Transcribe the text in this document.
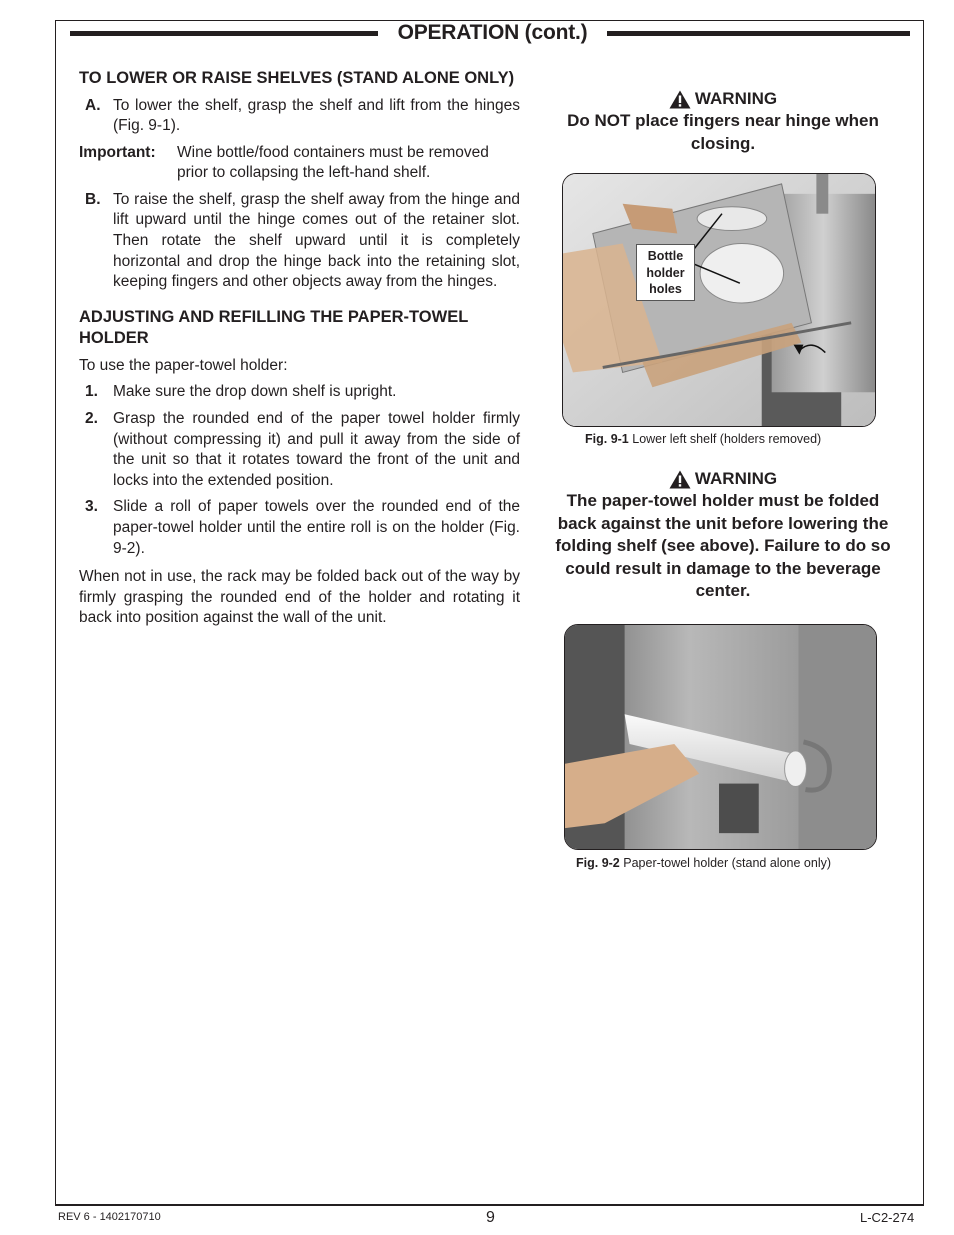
OPERATION (cont.)

TO LOWER OR RAISE SHELVES (STAND ALONE ONLY)

A. To lower the shelf, grasp the shelf and lift from the hinges (Fig. 9-1).
Important:	Wine bottle/food containers must be removed prior to collapsing the left-hand shelf.
B. To raise the shelf, grasp the shelf away from the hinge and lift upward until the hinge comes out of the retainer slot. Then rotate the shelf upward until it is completely horizontal and drop the hinge back into the retaining slot, keeping fingers and other objects away from the hinges.

ADJUSTING AND REFILLING THE PAPER-TOWEL HOLDER

To use the paper-towel holder:
1. Make sure the drop down shelf is upright.
2. Grasp the rounded end of the paper towel holder firmly (without compressing it) and pull it away from the side of the unit so that it rotates toward the front of the unit and locks into the extended position.
3. Slide a roll of paper towels over the rounded end of the paper-towel holder until the entire roll is on the holder (Fig. 9-2).
When not in use, the rack may be folded back out of the way by firmly grasping the rounded end of the holder and rotating it back into position against the wall of the unit.
WARNING
Do NOT place fingers near hinge when closing.
WARNING
The paper-towel holder must be folded back against the unit before lowering the folding shelf (see above). Failure to do so could result in damage to the beverage center.
Bottle
holder
holes
Fig. 9-1 Lower left shelf (holders removed)
Fig. 9-2 Paper-towel holder (stand alone only)
REV 6 - 1402170710	9	L-C2-274
